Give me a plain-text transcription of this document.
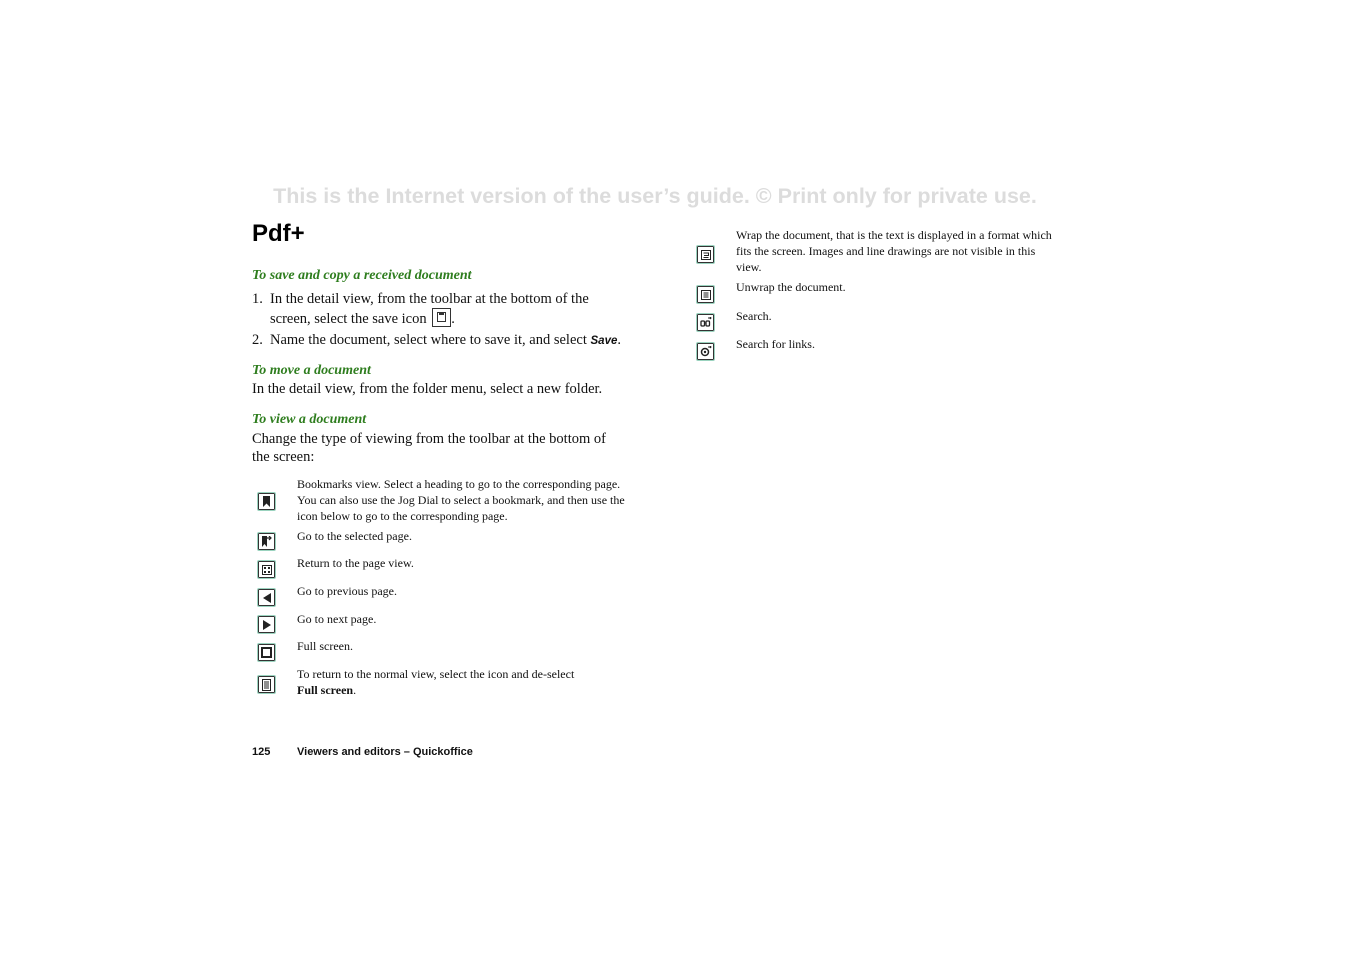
This is the Internet version of the user’s guide. © Print only for private use.
Pdf+

To save and copy a received document

1. In the detail view, from the toolbar at the bottom of the screen, select the save icon .
2. Name the document, select where to save it, and select Save.

To move a document

In the detail view, from the folder menu, select a new folder.

To view a document

Change the type of viewing from the toolbar at the bottom of the screen:

Bookmarks view. Select a heading to go to the corresponding page. You can also use the Jog Dial to select a bookmark, and then use the icon below to go to the corresponding page.
Go to the selected page.
Return to the page view.
Go to previous page.
Go to next page.
Full screen.
To return to the normal view, select the icon and de-select
Full screen.
Wrap the document, that is the text is displayed in a format which fits the screen. Images and line drawings are not visible in this view.
Unwrap the document.
Search.
Search for links.
125 Viewers and editors – Quickoffice
